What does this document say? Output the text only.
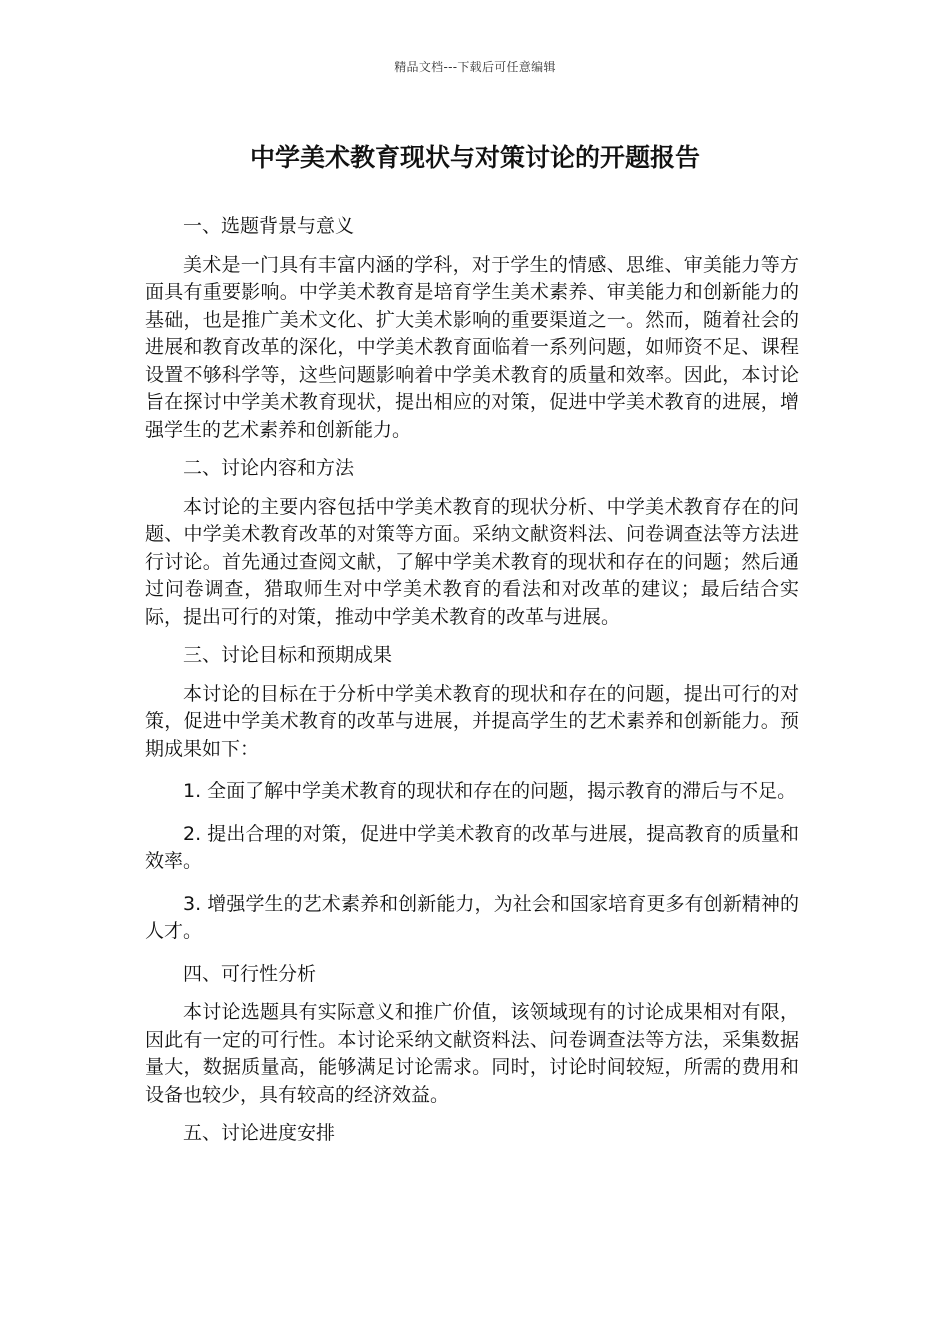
精品文档---下载后可任意编辑
中学美术教育现状与对策讨论的开题报告

一、选题背景与意义

美术是一门具有丰富内涵的学科，对于学生的情感、思维、审美能力等方面具有重要影响。中学美术教育是培育学生美术素养、审美能力和创新能力的基础，也是推广美术文化、扩大美术影响的重要渠道之一。然而，随着社会的进展和教育改革的深化，中学美术教育面临着一系列问题，如师资不足、课程设置不够科学等，这些问题影响着中学美术教育的质量和效率。因此，本讨论旨在探讨中学美术教育现状，提出相应的对策，促进中学美术教育的进展，增强学生的艺术素养和创新能力。

二、讨论内容和方法

本讨论的主要内容包括中学美术教育的现状分析、中学美术教育存在的问题、中学美术教育改革的对策等方面。采纳文献资料法、问卷调查法等方法进行讨论。首先通过查阅文献，了解中学美术教育的现状和存在的问题；然后通过问卷调查，猎取师生对中学美术教育的看法和对改革的建议；最后结合实际，提出可行的对策，推动中学美术教育的改革与进展。

三、讨论目标和预期成果

本讨论的目标在于分析中学美术教育的现状和存在的问题，提出可行的对策，促进中学美术教育的改革与进展，并提高学生的艺术素养和创新能力。预期成果如下：

1. 全面了解中学美术教育的现状和存在的问题，揭示教育的滞后与不足。

2. 提出合理的对策，促进中学美术教育的改革与进展，提高教育的质量和效率。

3. 增强学生的艺术素养和创新能力，为社会和国家培育更多有创新精神的人才。

四、可行性分析

本讨论选题具有实际意义和推广价值，该领域现有的讨论成果相对有限，因此有一定的可行性。本讨论采纳文献资料法、问卷调查法等方法，采集数据量大，数据质量高，能够满足讨论需求。同时，讨论时间较短，所需的费用和设备也较少，具有较高的经济效益。

五、讨论进度安排
